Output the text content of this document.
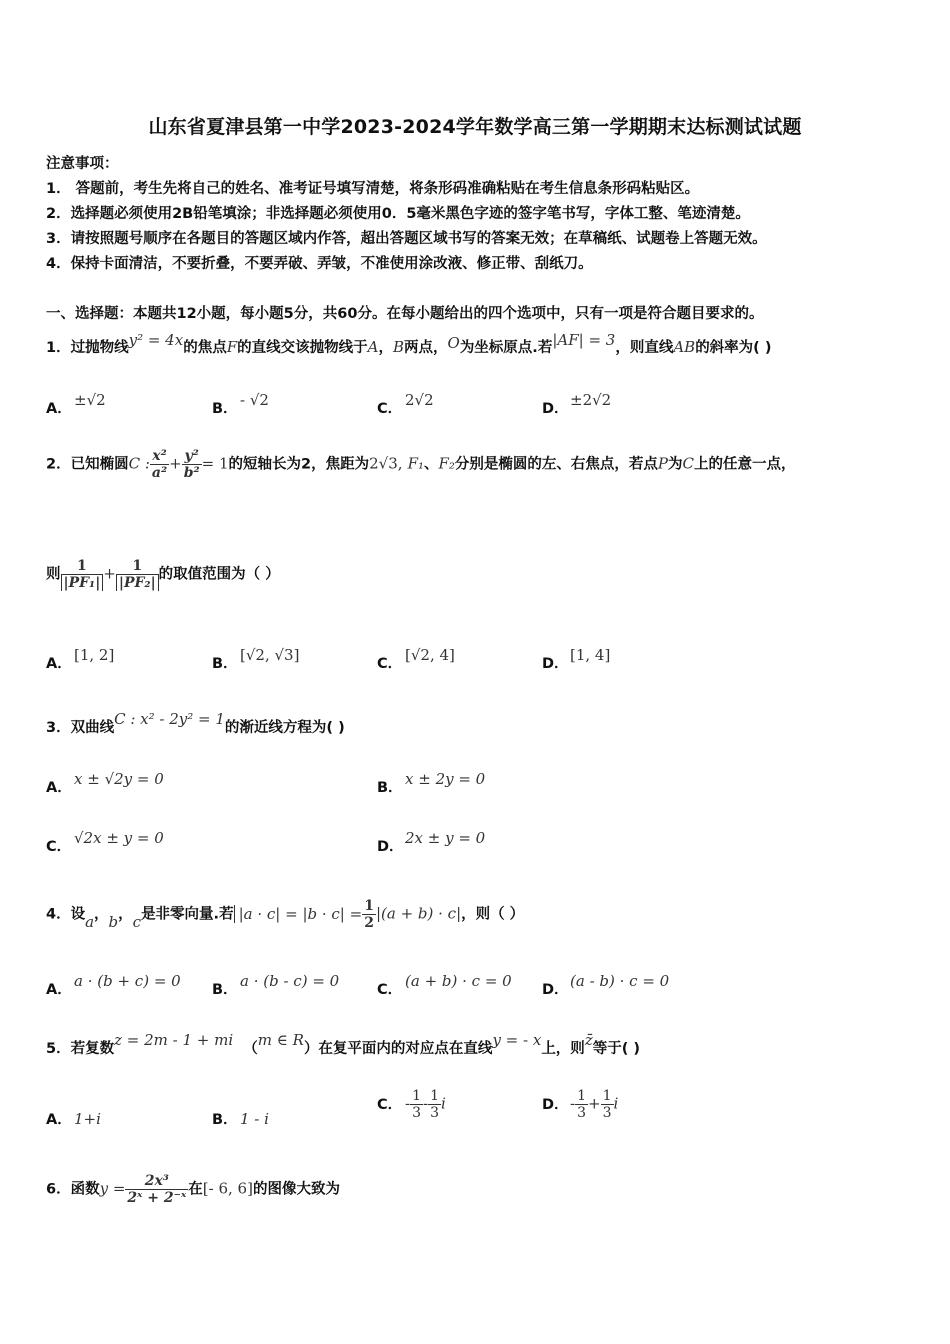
山东省夏津县第一中学2023-2024学年数学高三第一学期期末达标测试试题
注意事项：
1． 答题前，考生先将自己的姓名、准考证号填写清楚，将条形码准确粘贴在考生信息条形码粘贴区。
2．选择题必须使用2B铅笔填涂；非选择题必须使用0．5毫米黑色字迹的签字笔书写，字体工整、笔迹清楚。
3．请按照题号顺序在各题目的答题区域内作答，超出答题区域书写的答案无效；在草稿纸、试题卷上答题无效。
4．保持卡面清洁，不要折叠，不要弄破、弄皱，不准使用涂改液、修正带、刮纸刀。
一、选择题：本题共12小题，每小题5分，共60分。在每小题给出的四个选项中，只有一项是符合题目要求的。
1．过抛物线y² = 4x的焦点F的直线交该抛物线于A，B两点，O为坐标原点.若|AF| = 3，则直线AB的斜率为( )
A． ±√2	B． - √2	C． 2√2	D．±2√2
2．已知椭圆C : $\frac{\text{x²}}{\text{a²}} + \frac{\text{y²}}{\text{b²}} = 1$的短轴长为2，焦距为2√3, F₁、F₂分别是椭圆的左、右焦点，若点P为C上的任意一点，
则 $\frac{1}{\text{|PF₁|}} + \frac{1}{\text{|PF₂|}}$ 的取值范围为（ ）
A． [1, 2]	B． [√2, √3]	C． [√2, 4]	D．[1, 4]
3．双曲线C : x² - 2y² = 1的渐近线方程为( )
A． x ± √2y = 0	B． x ± 2y = 0
C． √2x ± y = 0	D．2x ± y = 0
4．设a，b，c是非零向量.若 $|a \cdot c| = |b \cdot c| = \frac{1}{2} |(a + b) \cdot c|$，则（ ）
A． a · (b + c) = 0 B． a · (b - c) = 0	C． (a + b) · c = 0 D．(a - b) · c = 0
5．若复数z = 2m - 1 + mi （m ∈ R）在复平面内的对应点在直线y = - x上，则z̄等于( )
A． 1+i	B． 1 - i
C． - $\frac{1}{3} - \frac{1}{3}$ i	D．- $\frac{1}{3} + \frac{1}{3}$ i
6．函数$y = \frac{\text{2x³}}{\text{2ˣ + 2⁻ˣ}}$ 在[- 6, 6]的图像大致为
